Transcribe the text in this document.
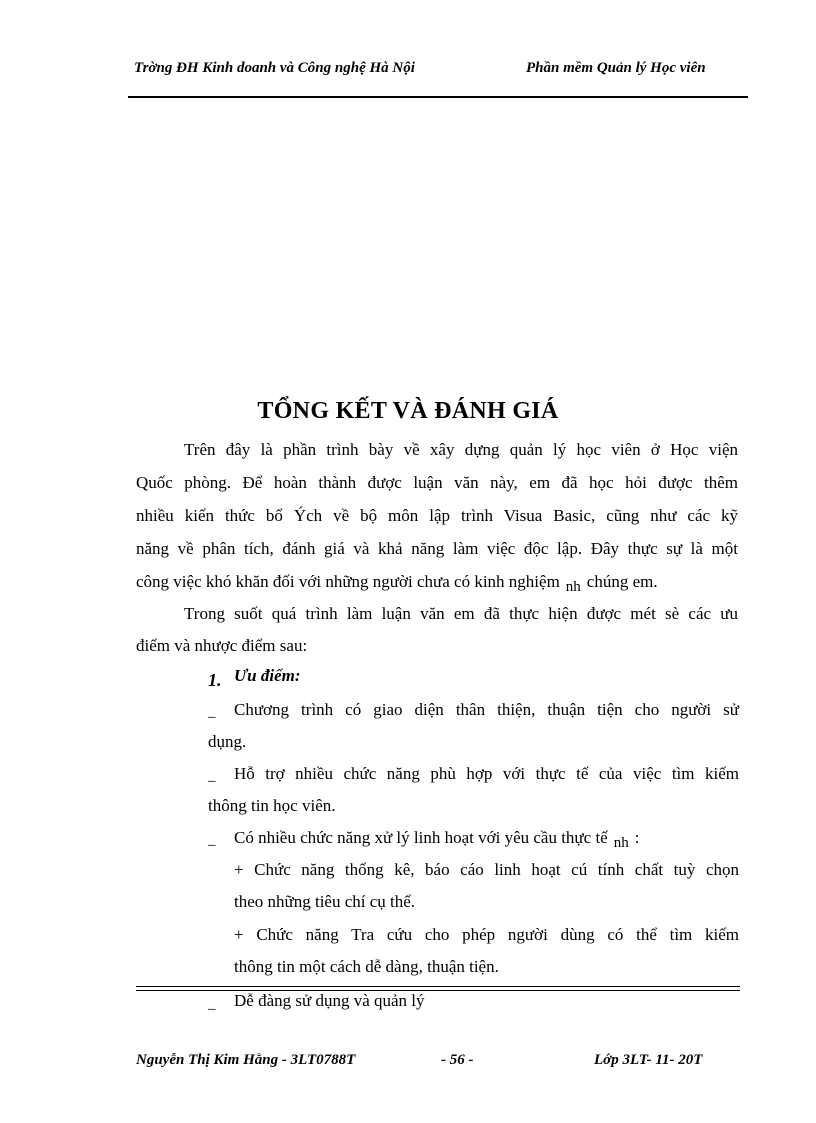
Trờng ĐH Kinh doanh và Công nghệ Hà Nội	Phần mềm Quản lý Học viên
TỔNG KẾT VÀ ĐÁNH GIÁ
Trên đây là phần trình bày về xây dựng quản lý học viên ở Học viện
Quốc phòng. Để hoàn thành được luận văn này, em đã học hỏi được thêm
nhiều kiến thức bổ Ých về bộ môn lập trình Visua Basic, cũng như các kỹ
năng về phân tích, đánh giá và khả năng làm việc độc lập. Đây thực sự là một
công việc khó khăn đối với những người chưa có kinh nghiệm nh chúng em.
Trong suốt quá trình làm luận văn em đã thực hiện được mét sè các ưu
điểm và nhược điểm sau:
1. Ưu điểm:
_ Chương trình có giao diện thân thiện, thuận tiện cho người sử
dụng.
_ Hỗ trợ nhiều chức năng phù hợp với thực tế của việc tìm kiếm
thông tin học viên.
_ Có nhiều chức năng xử lý linh hoạt với yêu cầu thực tế nh :
+ Chức năng thống kê, báo cáo linh hoạt cú tính chất tuỳ chọn
theo những tiêu chí cụ thể.
+ Chức năng Tra cứu cho phép người dùng có thể tìm kiếm
thông tin một cách dễ dàng, thuận tiện.
_ Dễ đàng sử dụng và quản lý
Nguyễn Thị Kim Hằng - 3LT0788T	- 56 -	Lớp 3LT- 11- 20T
